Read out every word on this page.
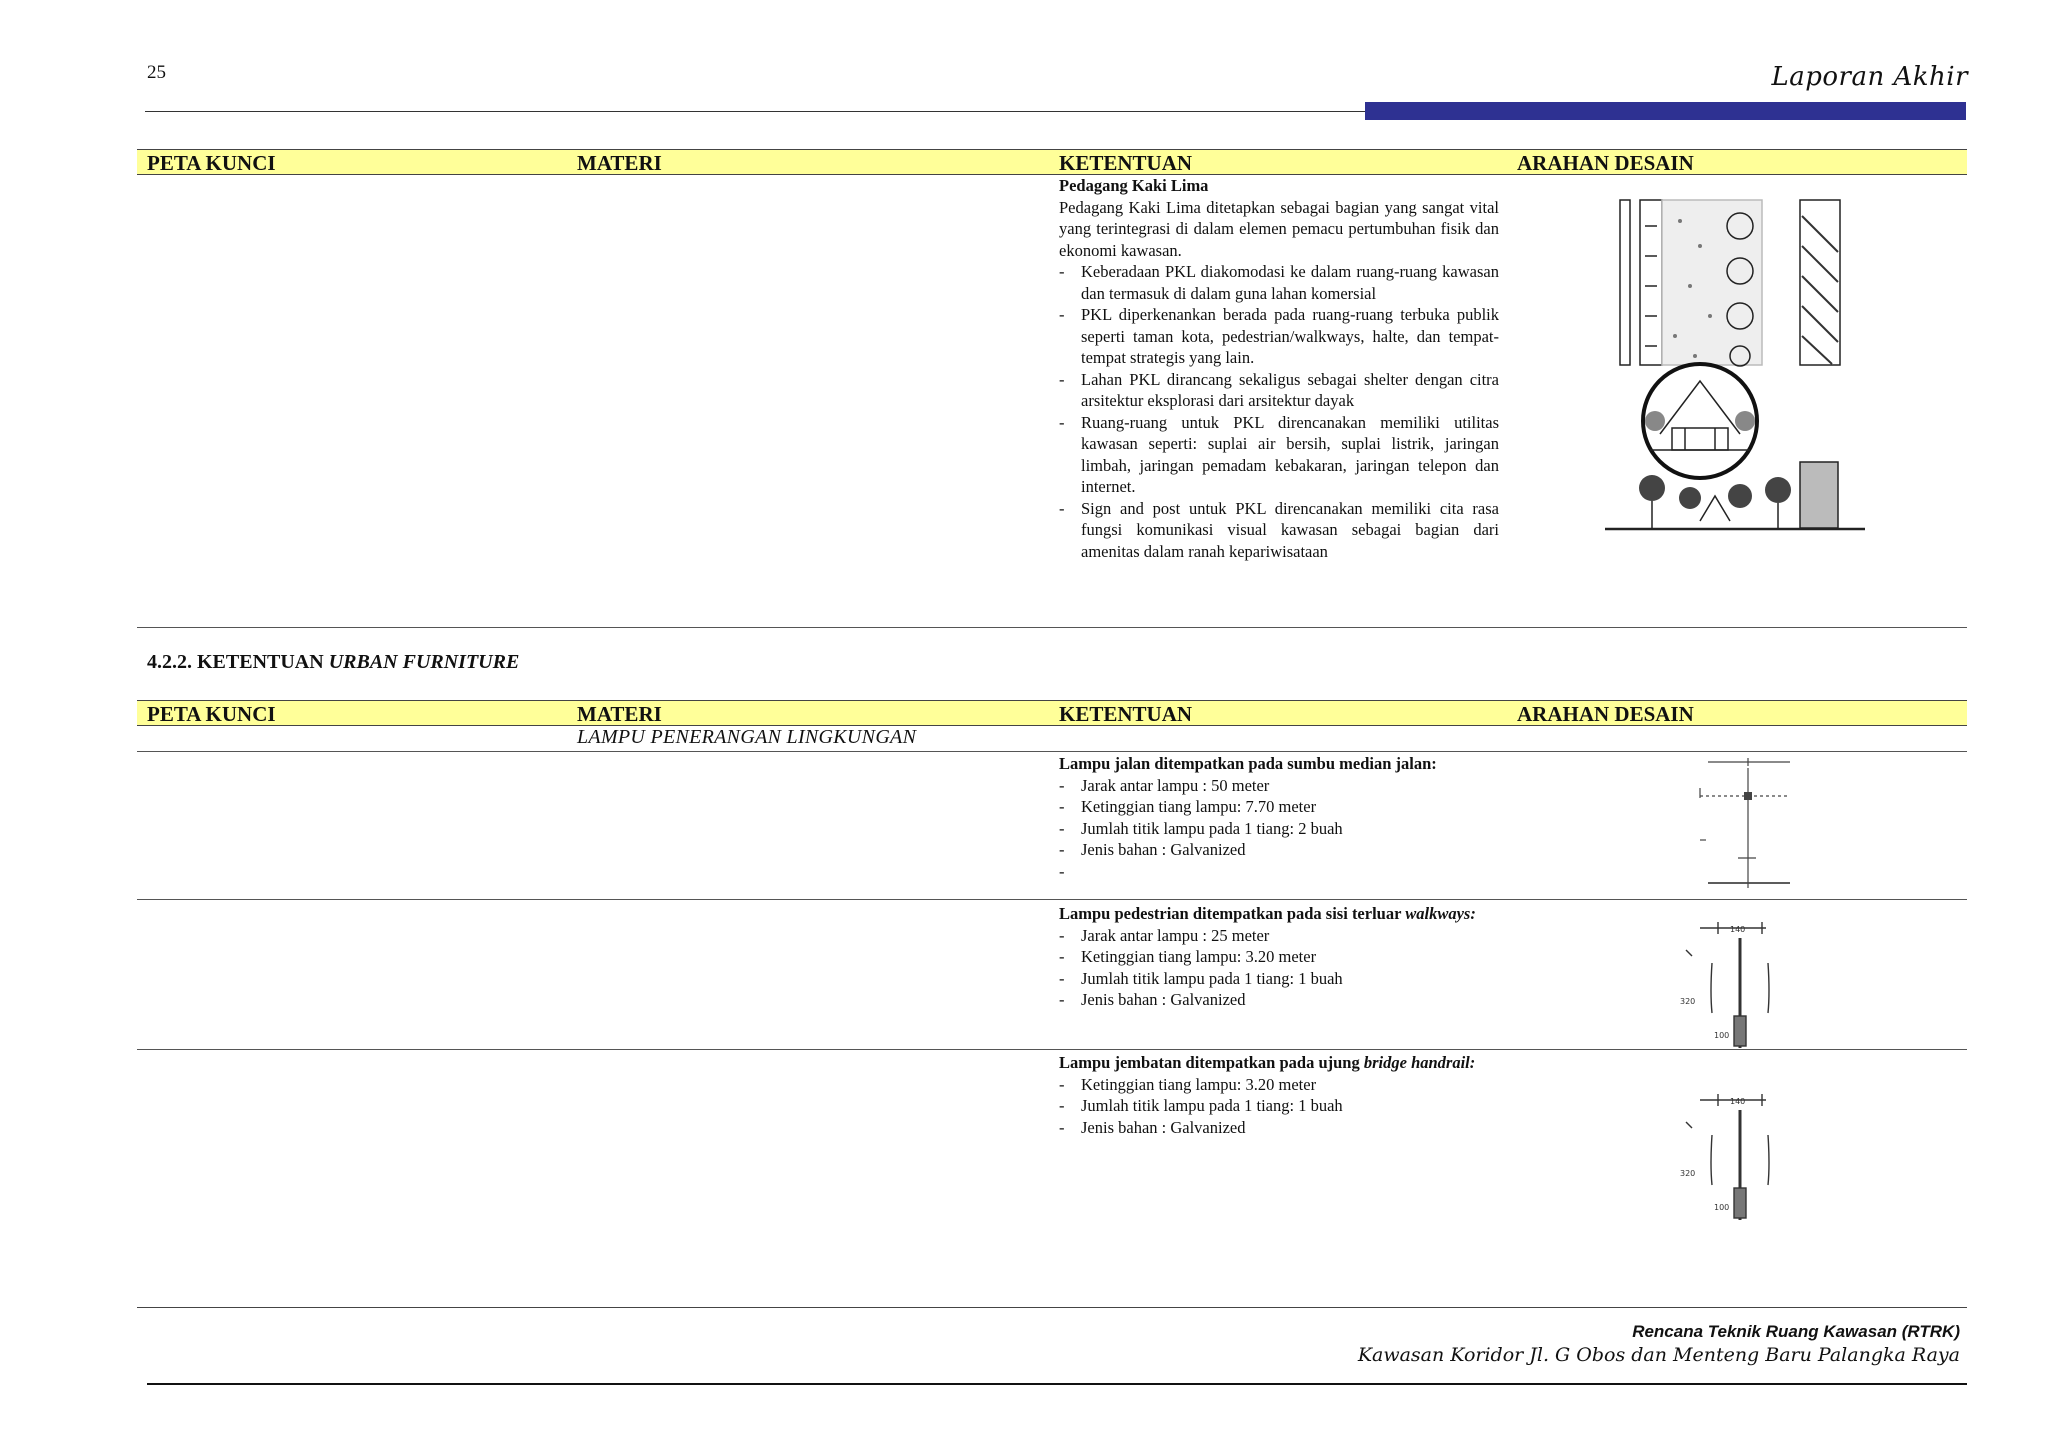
25	Laporan Akhir
PETA KUNCI	MATERI	KETENTUAN	ARAHAN DESAIN
Pedagang Kaki Lima
Pedagang Kaki Lima ditetapkan sebagai bagian yang sangat vital yang terintegrasi di dalam elemen pemacu pertumbuhan fisik dan ekonomi kawasan.
- Keberadaan PKL diakomodasi ke dalam ruang-ruang kawasan dan termasuk di dalam guna lahan komersial
- PKL diperkenankan berada pada ruang-ruang terbuka publik seperti taman kota, pedestrian/walkways, halte, dan tempat-tempat strategis yang lain.
- Lahan PKL dirancang sekaligus sebagai shelter dengan citra arsitektur eksplorasi dari arsitektur dayak
- Ruang-ruang untuk PKL direncanakan memiliki utilitas kawasan seperti: suplai air bersih, suplai listrik, jaringan limbah, jaringan pemadam kebakaran, jaringan telepon dan internet.
- Sign and post untuk PKL direncanakan memiliki cita rasa fungsi komunikasi visual kawasan sebagai bagian dari amenitas dalam ranah kepariwisataan
4.2.2. KETENTUAN URBAN FURNITURE
PETA KUNCI	MATERI	KETENTUAN	ARAHAN DESAIN
LAMPU PENERANGAN LINGKUNGAN
Lampu jalan ditempatkan pada sumbu median jalan:
- Jarak antar lampu : 50 meter
- Ketinggian tiang lampu: 7.70 meter
- Jumlah titik lampu pada 1 tiang: 2 buah
- Jenis bahan : Galvanized
Lampu pedestrian ditempatkan pada sisi terluar walkways:
- Jarak antar lampu : 25 meter
- Ketinggian tiang lampu: 3.20 meter
- Jumlah titik lampu pada 1 tiang: 1 buah
- Jenis bahan : Galvanized
140
320
100
Lampu jembatan ditempatkan pada ujung bridge handrail:
- Ketinggian tiang lampu: 3.20 meter
- Jumlah titik lampu pada 1 tiang: 1 buah
- Jenis bahan : Galvanized
140
320
100
Rencana Teknik Ruang Kawasan (RTRK)
Kawasan Koridor Jl. G Obos dan Menteng Baru Palangka Raya
